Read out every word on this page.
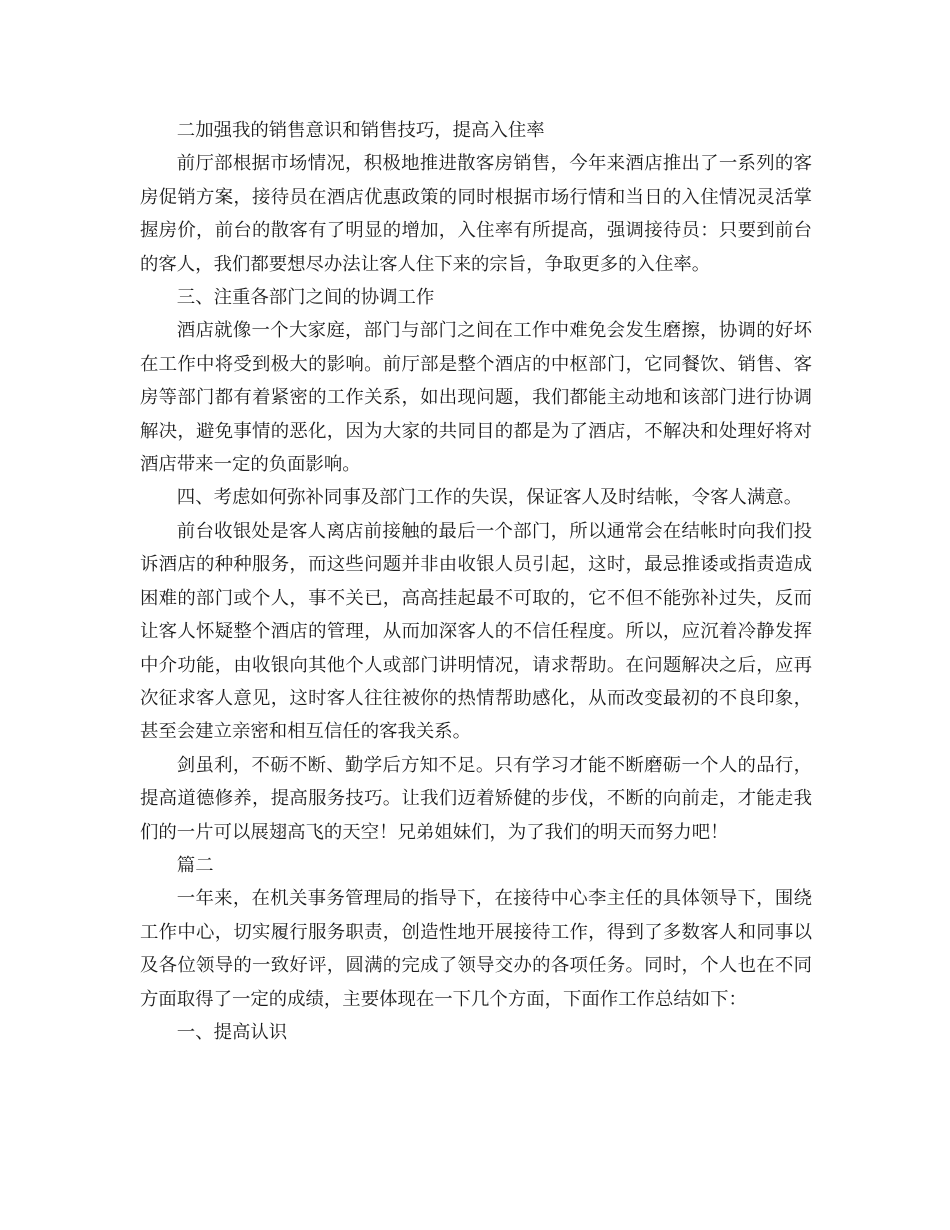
二加强我的销售意识和销售技巧，提高入住率

前厅部根据市场情况，积极地推进散客房销售，今年来酒店推出了一系列的客房促销方案，接待员在酒店优惠政策的同时根据市场行情和当日的入住情况灵活掌握房价，前台的散客有了明显的增加，入住率有所提高，强调接待员：只要到前台的客人，我们都要想尽办法让客人住下来的宗旨，争取更多的入住率。

三、注重各部门之间的协调工作

酒店就像一个大家庭，部门与部门之间在工作中难免会发生磨擦，协调的好坏在工作中将受到极大的影响。前厅部是整个酒店的中枢部门，它同餐饮、销售、客房等部门都有着紧密的工作关系，如出现问题，我们都能主动地和该部门进行协调解决，避免事情的恶化，因为大家的共同目的都是为了酒店，不解决和处理好将对酒店带来一定的负面影响。

四、考虑如何弥补同事及部门工作的失误，保证客人及时结帐，令客人满意。

前台收银处是客人离店前接触的最后一个部门，所以通常会在结帐时向我们投诉酒店的种种服务，而这些问题并非由收银人员引起，这时，最忌推诿或指责造成困难的部门或个人，事不关已，高高挂起最不可取的，它不但不能弥补过失，反而让客人怀疑整个酒店的管理，从而加深客人的不信任程度。所以，应沉着冷静发挥中介功能，由收银向其他个人或部门讲明情况，请求帮助。在问题解决之后，应再次征求客人意见，这时客人往往被你的热情帮助感化，从而改变最初的不良印象，甚至会建立亲密和相互信任的客我关系。

剑虽利，不砺不断、勤学后方知不足。只有学习才能不断磨砺一个人的品行，提高道德修养，提高服务技巧。让我们迈着矫健的步伐，不断的向前走，才能走我们的一片可以展翅高飞的天空！兄弟姐妹们，为了我们的明天而努力吧！

篇二

一年来，在机关事务管理局的指导下，在接待中心李主任的具体领导下，围绕工作中心，切实履行服务职责，创造性地开展接待工作，得到了多数客人和同事以及各位领导的一致好评，圆满的完成了领导交办的各项任务。同时，个人也在不同方面取得了一定的成绩，主要体现在一下几个方面，下面作工作总结如下：

一、提高认识
